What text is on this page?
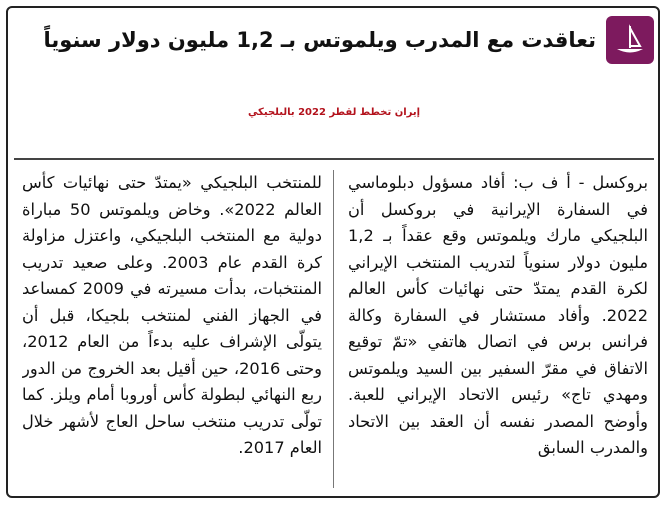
تعاقدت مع المدرب ويلموتس بـ 1,2 مليون دولار سنوياً
إيران تخطط لقطر 2022 بالبلجيكي
بروكسل - أ ف ب: أفاد مسؤول دبلوماسي في السفارة الإيرانية في بروكسل أن البلجيكي مارك ويلموتس وقع عقداً بـ 1,2 مليون دولار سنوياً لتدريب المنتخب الإيراني لكرة القدم يمتدّ حتى نهائيات كأس العالم 2022. وأفاد مستشار في السفارة وكالة فرانس برس في اتصال هاتفي «تمّ توقيع الاتفاق في مقرّ السفير بين السيد ويلموتس ومهدي تاج» رئيس الاتحاد الإيراني للعبة. وأوضح المصدر نفسه أن العقد بين الاتحاد والمدرب السابق
للمنتخب البلجيكي «يمتدّ حتى نهائيات كأس العالم 2022». وخاض ويلموتس 50 مباراة دولية مع المنتخب البلجيكي، واعتزل مزاولة كرة القدم عام 2003. وعلى صعيد تدريب المنتخبات، بدأت مسيرته في 2009 كمساعد في الجهاز الفني لمنتخب بلجيكا، قبل أن يتولّى الإشراف عليه بدءاً من العام 2012، وحتى 2016، حين أقيل بعد الخروج من الدور ربع النهائي لبطولة كأس أوروبا أمام ويلز. كما تولّى تدريب منتخب ساحل العاج لأشهر خلال العام 2017.
